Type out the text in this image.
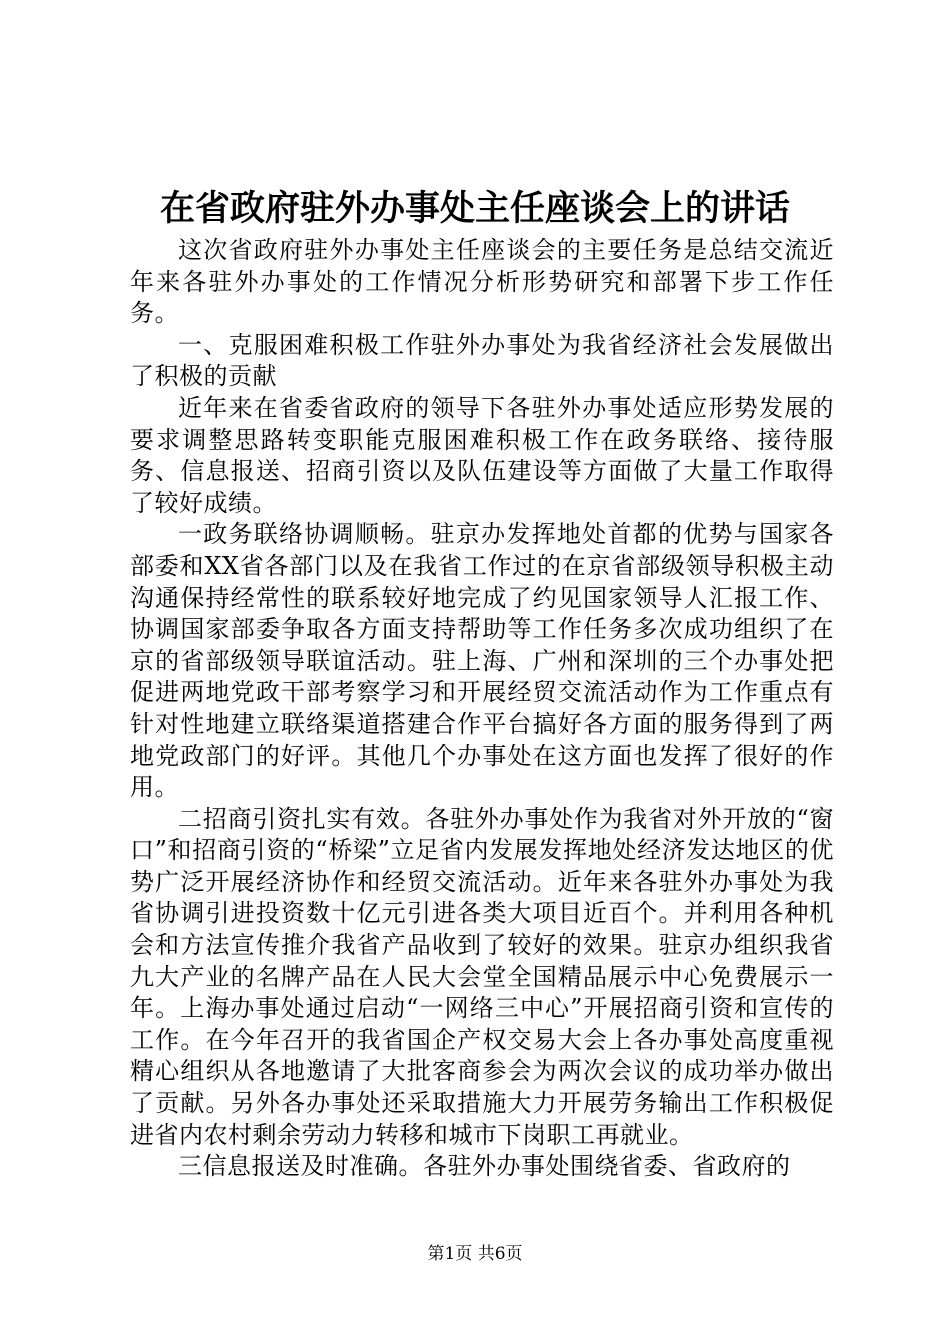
在省政府驻外办事处主任座谈会上的讲话

这次省政府驻外办事处主任座谈会的主要任务是总结交流近年来各驻外办事处的工作情况分析形势研究和部署下步工作任务。

一、克服困难积极工作驻外办事处为我省经济社会发展做出了积极的贡献

近年来在省委省政府的领导下各驻外办事处适应形势发展的要求调整思路转变职能克服困难积极工作在政务联络、接待服务、信息报送、招商引资以及队伍建设等方面做了大量工作取得了较好成绩。

一政务联络协调顺畅。驻京办发挥地处首都的优势与国家各部委和XX省各部门以及在我省工作过的在京省部级领导积极主动沟通保持经常性的联系较好地完成了约见国家领导人汇报工作、协调国家部委争取各方面支持帮助等工作任务多次成功组织了在京的省部级领导联谊活动。驻上海、广州和深圳的三个办事处把促进两地党政干部考察学习和开展经贸交流活动作为工作重点有针对性地建立联络渠道搭建合作平台搞好各方面的服务得到了两地党政部门的好评。其他几个办事处在这方面也发挥了很好的作用。

二招商引资扎实有效。各驻外办事处作为我省对外开放的“窗口”和招商引资的“桥梁”立足省内发展发挥地处经济发达地区的优势广泛开展经济协作和经贸交流活动。近年来各驻外办事处为我省协调引进投资数十亿元引进各类大项目近百个。并利用各种机会和方法宣传推介我省产品收到了较好的效果。驻京办组织我省九大产业的名牌产品在人民大会堂全国精品展示中心免费展示一年。上海办事处通过启动“一网络三中心”开展招商引资和宣传的工作。在今年召开的我省国企产权交易大会上各办事处高度重视精心组织从各地邀请了大批客商参会为两次会议的成功举办做出了贡献。另外各办事处还采取措施大力开展劳务输出工作积极促进省内农村剩余劳动力转移和城市下岗职工再就业。

三信息报送及时准确。各驻外办事处围绕省委、省政府的

第1页 共6页
